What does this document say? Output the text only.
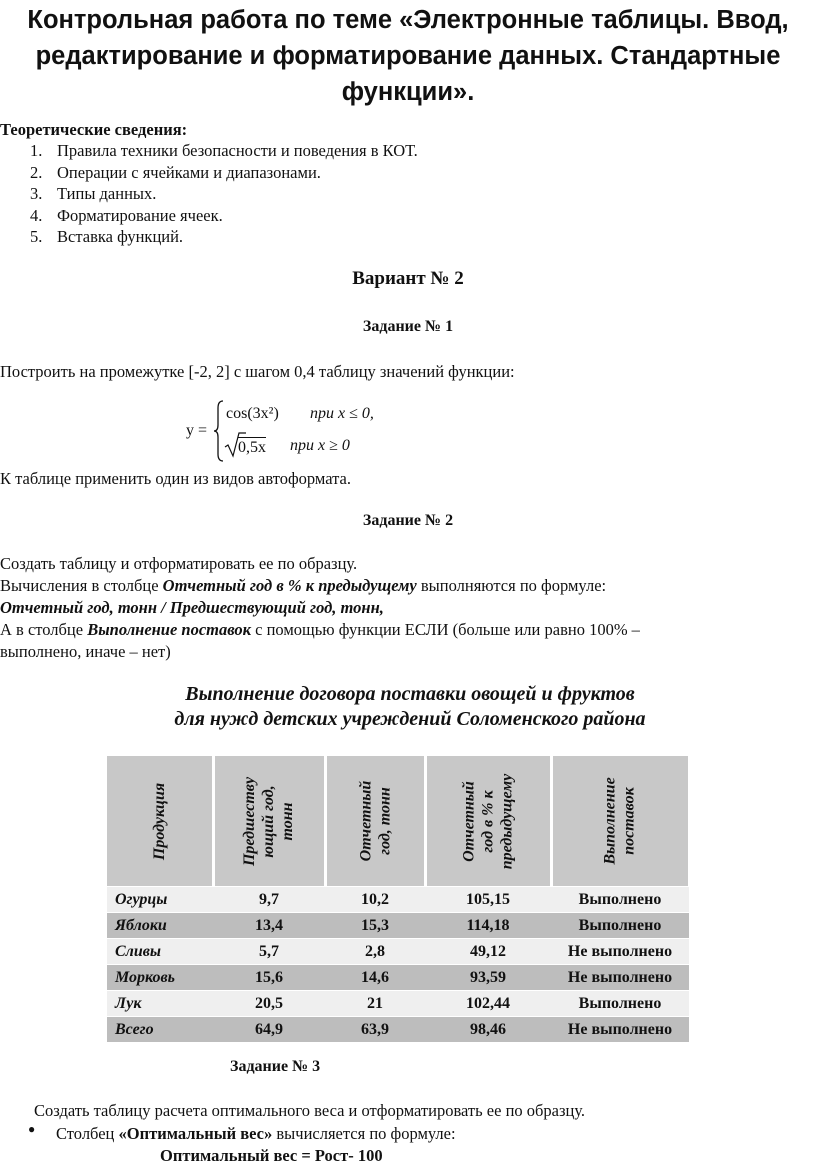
Контрольная работа по теме «Электронные таблицы. Ввод,
редактирование и форматирование данных. Стандартные
функции».
Теоретические сведения:
1. Правила техники безопасности и поведения в КОТ.
2. Операции с ячейками и диапазонами.
3. Типы данных.
4. Форматирование ячеек.
5. Вставка функций.
Вариант № 2
Задание № 1
Построить на промежутке [-2, 2] с шагом 0,4 таблицу значений функции:
y =
cos(3x²) при x ≤ 0,
0,5x при x ≥ 0
К таблице применить один из видов автоформата.
Задание № 2
Создать таблицу и отформатировать ее по образцу.
Вычисления в столбце Отчетный год в % к предыдущему выполняются по формуле:
Отчетный год, тонн / Предшествующий год, тонн,
А в столбце Выполнение поставок с помощью функции ЕСЛИ (больше или равно 100% –
выполнено, иначе – нет)
Выполнение договора поставки овощей и фруктов
для нужд детских учреждений Соломенского района
Продукция	Предшеству ющий год, тонн	Отчетный год, тонн	Отчетный год в % к предыдущему	Выполнение поставок
Огурцы	9,7	10,2	105,15	Выполнено
Яблоки	13,4	15,3	114,18	Выполнено
Сливы	5,7	2,8	49,12	Не выполнено
Морковь	15,6	14,6	93,59	Не выполнено
Лук	20,5	21	102,44	Выполнено
Всего	64,9	63,9	98,46	Не выполнено
Задание № 3
Создать таблицу расчета оптимального веса и отформатировать ее по образцу.
● Столбец «Оптимальный вес» вычисляется по формуле:
Оптимальный вес = Рост- 100
